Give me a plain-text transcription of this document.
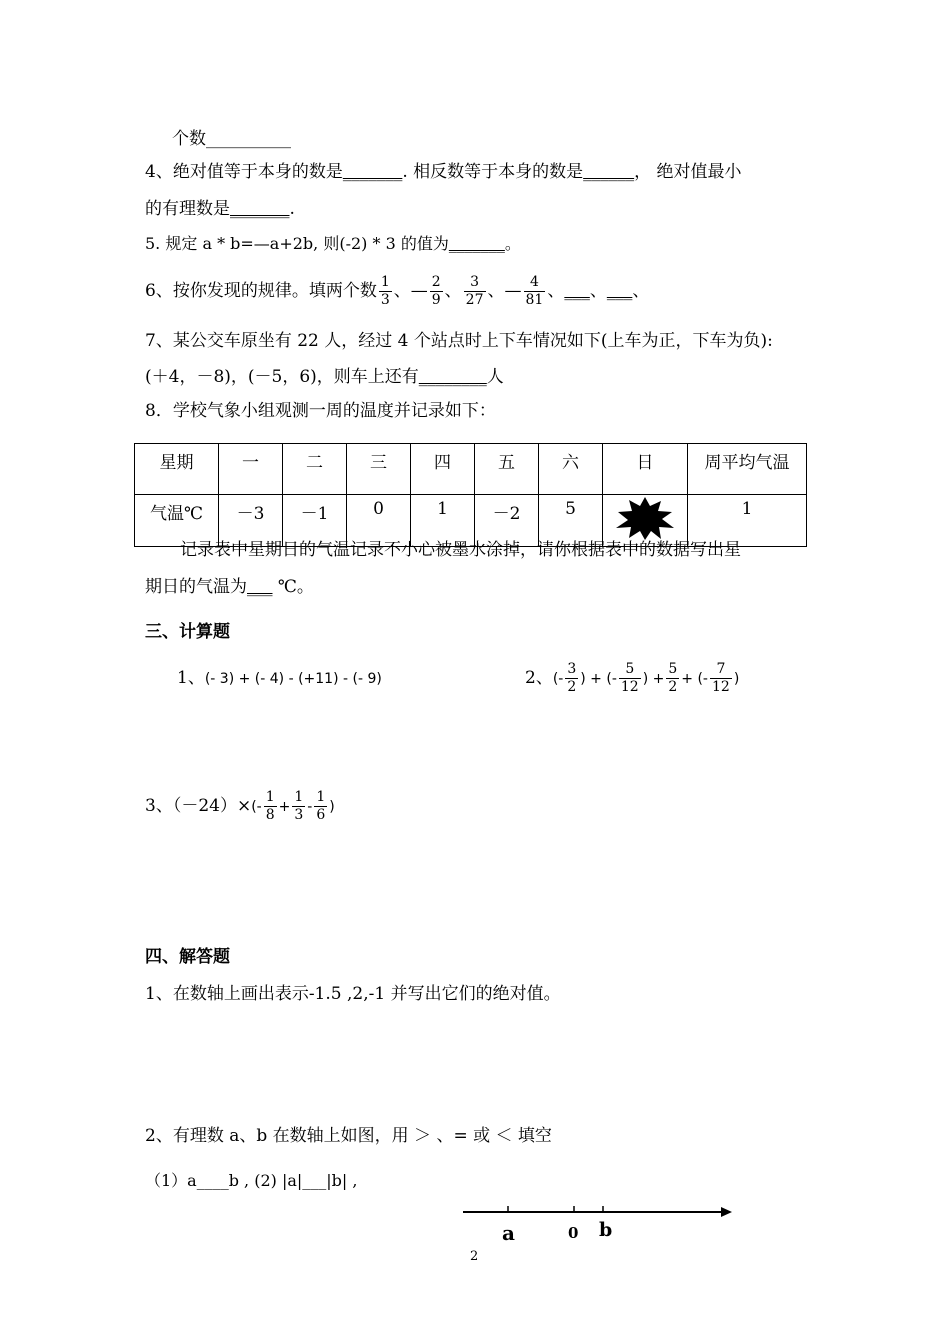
个数__________
4、绝对值等于本身的数是_______. 相反数等于本身的数是______， 绝对值最小
的有理数是_______.
5. 规定 a * b=—a+2b, 则(-2) * 3 的值为_______。
6、按你发现的规律。填两个数 $\frac{1}{3}$ 、— $\frac{2}{9}$ 、 $\frac{3}{27}$ 、— $\frac{4}{81}$ 、___、___、
7、某公交车原坐有 22 人，经过 4 个站点时上下车情况如下(上车为正，下车为负):
(＋4，－8)，(－5，6)，则车上还有________人
8．学校气象小组观测一周的温度并记录如下：
星期	一	二	三	四	五	六	日	周平均气温
气温℃	－3	－1	0	1	－2	5		1
记录表中星期日的气温记录不小心被墨水涂掉，请你根据表中的数据写出星
期日的气温为___ ℃。
三、计算题
1、(- 3) + (- 4) - (+11) - (- 9)	2、(- $\frac{3}{2}$ ) + (- $\frac{5}{12}$ ) + $\frac{5}{2}$ + (- $\frac{7}{12}$ )
3、$(-24)\times(- \frac{1}{8} + \frac{1}{3} - \frac{1}{6}$ )
四、解答题
1、在数轴上画出表示-1.5 ,2,-1 并写出它们的绝对值。
2、有理数 a、b 在数轴上如图，用 ＞ 、= 或 ＜ 填空
（1）a____b , (2) |a|___|b| ,
a	0 b
2
